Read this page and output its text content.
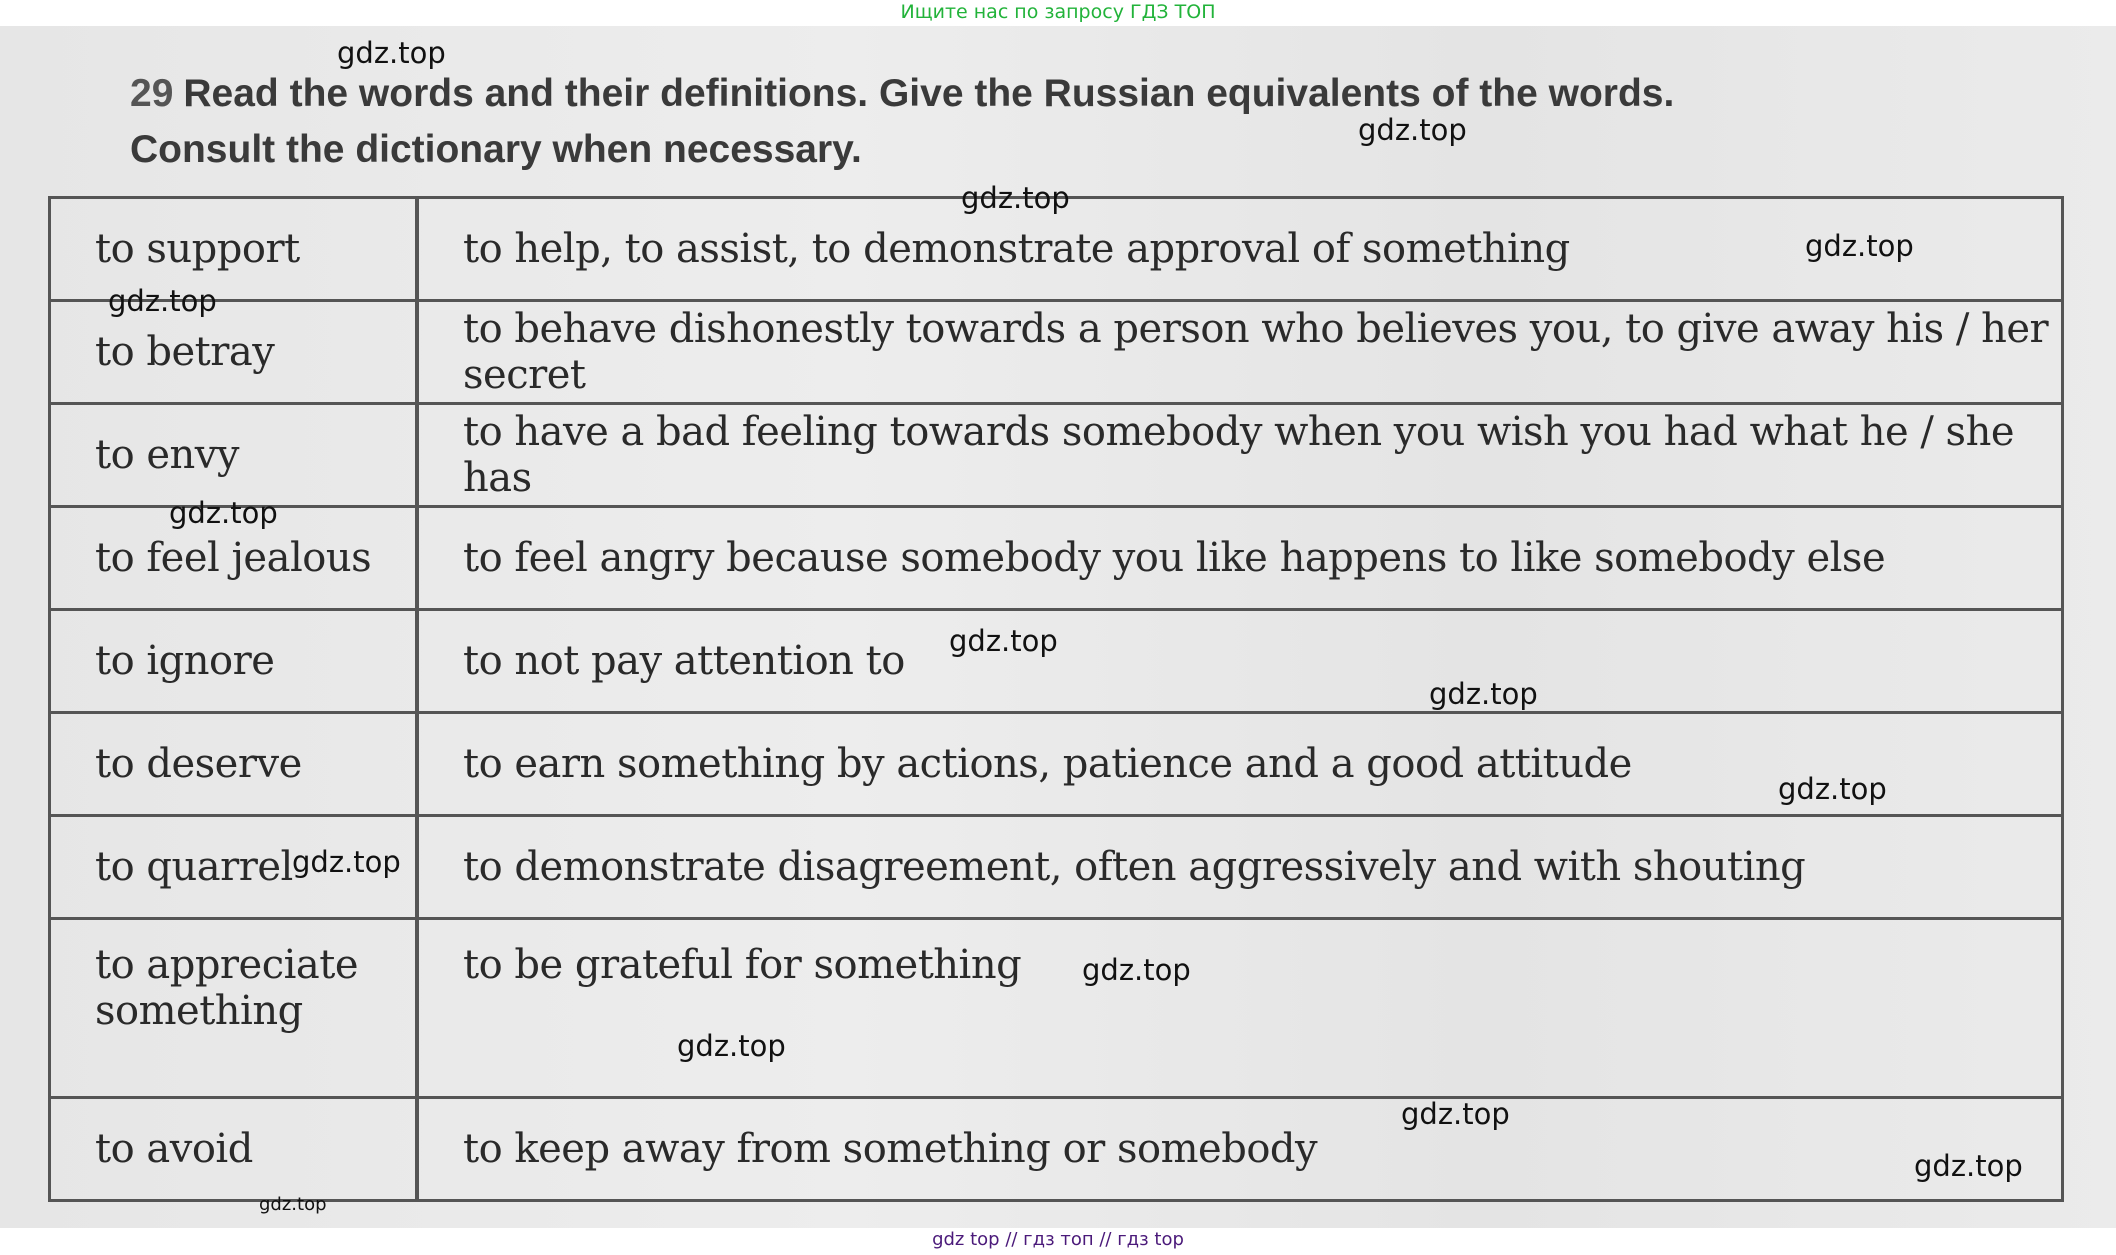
Ищите нас по запросу ГДЗ ТОП
29 Read the words and their definitions. Give the Russian equivalents of the words.
Consult the dictionary when necessary.
to support	to help, to assist, to demonstrate approval of something
to betray	to behave dishonestly towards a person who believes you, to give away his / her secret
to envy	to have a bad feeling towards somebody when you wish you had what he / she has
to feel jealous	to feel angry because somebody you like happens to like somebody else
to ignore	to not pay attention to
to deserve	to earn something by actions, patience and a good attitude
to quarrel	to demonstrate disagreement, often aggressively and with shouting
to appreciate something	to be grateful for something
to avoid	to keep away from something or somebody
gdz.top
gdz.top
gdz.top
gdz.top
gdz.top
gdz.top
gdz.top
gdz.top
gdz.top
gdz.top
gdz.top
gdz.top
gdz.top
gdz.top
gdz.top
gdz top // гдз топ // гдз top
